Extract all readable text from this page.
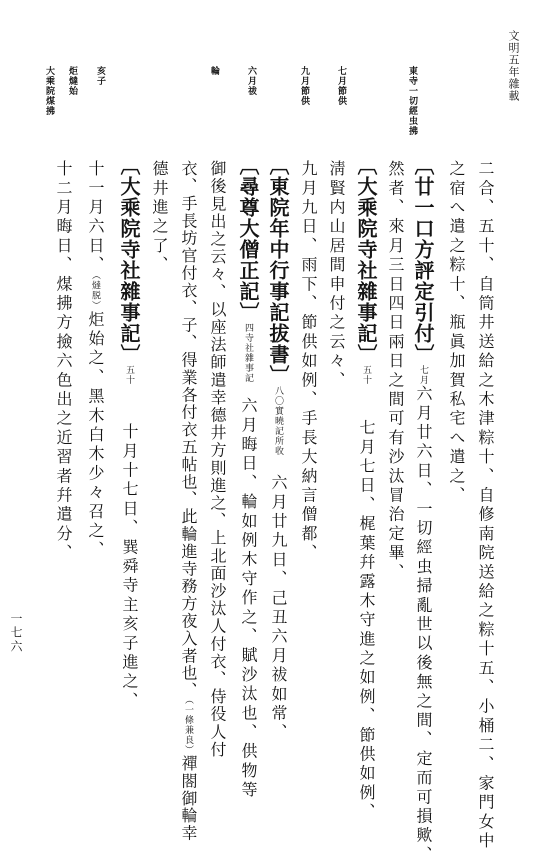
文明五年雜載
一七六
東寺一切經虫拂
七月節供
九月節供
六月祓
輪
亥子
炬燵始
大乘院煤拂
二合、五十、自筒井送給之木津粽十、自修南院送給之粽十五、小桶二、家門女中
之宿へ遣之粽十、瓶眞加賀私宅へ遣之、
〔廿一口方評定引付〕七月六月廿六日、一切經虫掃亂世以後無之間、定而可損歟、
然者、來月三日四日兩日之間可有沙汰冒治定畢、
〔大乘院寺社雜事記〕五十七月七日、梶葉幷露木守進之如例、節供如例、
淸賢内山居間申付之云々、
九月九日、雨下、節供如例、手長大納言僧都、
〔東院年中行事記拔書〕八〇實曉記所收六月廿九日、己丑六月祓如常、
〔尋尊大僧正記〕四寺社雜事記六月晦日、輪如例木守作之、賦沙汰也、供物等
御後見出之云々、以座法師遣幸德井方則進之、上北面沙汰人付衣、侍役人付
衣、手長坊官付衣、子、得業各付衣五帖也、此輪進寺務方夜入者也、（一條兼良）禪閤御輪幸
德井進之了、
〔大乘院寺社雜事記〕五十十月十七日、巽舜寺主亥子進之、
十一月六日、（燵脱）炬始之、黑木白木少々召之、
十二月晦日、煤拂方撿六色出之近習者幷遣分、
